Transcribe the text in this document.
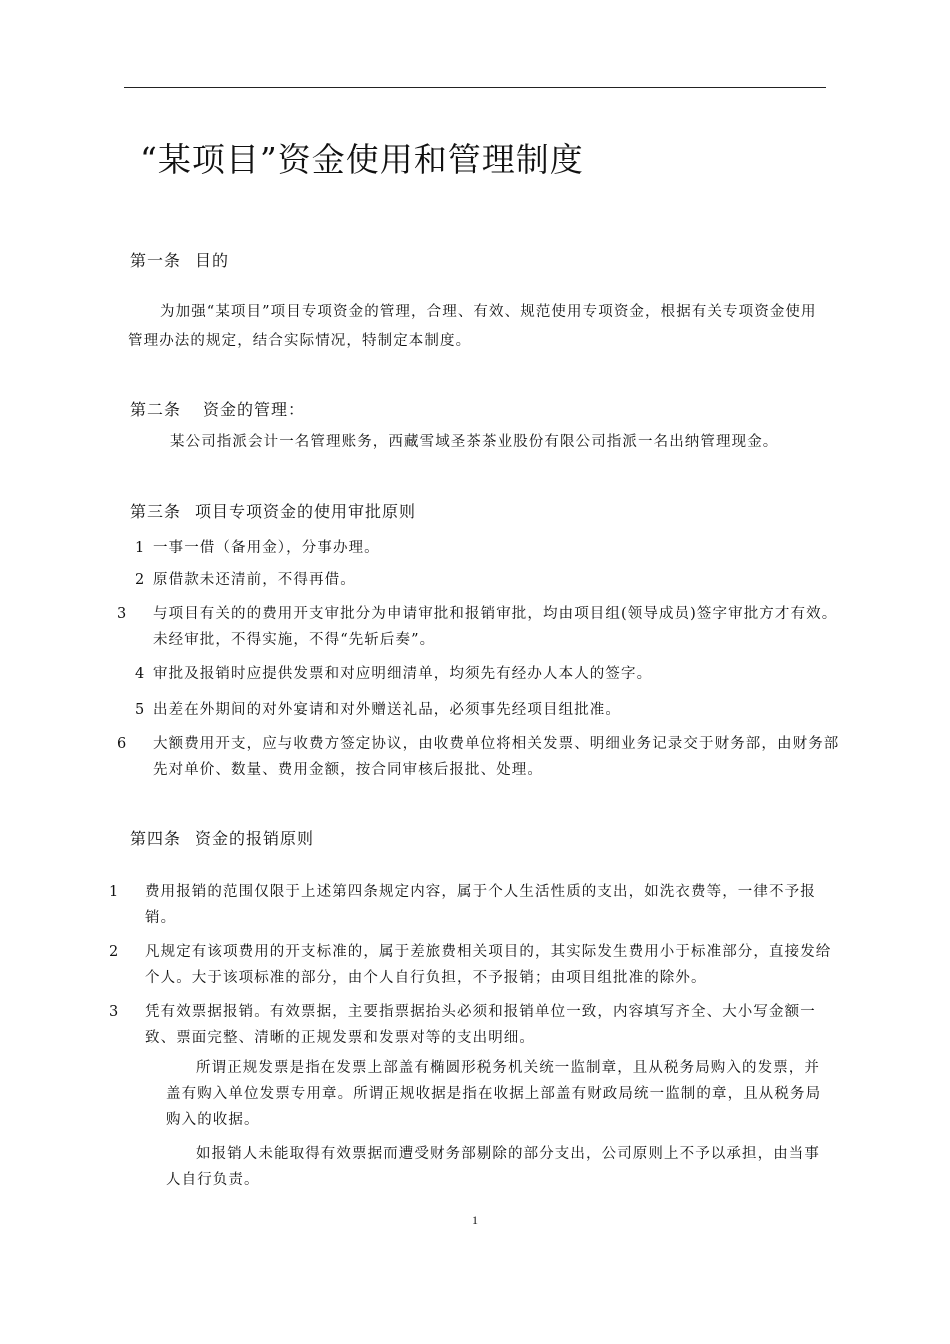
“某项目”资金使用和管理制度
第一条 目的
为加强“某项目”项目专项资金的管理，合理、有效、规范使用专项资金，根据有关专项资金使用管理办法的规定，结合实际情况，特制定本制度。
第二条 资金的管理：
某公司指派会计一名管理账务，西藏雪域圣茶茶业股份有限公司指派一名出纳管理现金。
第三条 项目专项资金的使用审批原则
1 一事一借（备用金），分事办理。
2 原借款未还清前，不得再借。
3 与项目有关的的费用开支审批分为申请审批和报销审批，均由项目组(领导成员)签字审批方才有效。未经审批，不得实施，不得“先斩后奏”。
4 审批及报销时应提供发票和对应明细清单，均须先有经办人本人的签字。
5 出差在外期间的对外宴请和对外赠送礼品，必须事先经项目组批准。
6 大额费用开支，应与收费方签定协议，由收费单位将相关发票、明细业务记录交于财务部，由财务部先对单价、数量、费用金额，按合同审核后报批、处理。
第四条 资金的报销原则
1 费用报销的范围仅限于上述第四条规定内容，属于个人生活性质的支出，如洗衣费等，一律不予报销。
2 凡规定有该项费用的开支标准的，属于差旅费相关项目的，其实际发生费用小于标准部分，直接发给个人。大于该项标准的部分，由个人自行负担，不予报销；由项目组批准的除外。
3 凭有效票据报销。有效票据，主要指票据抬头必须和报销单位一致，内容填写齐全、大小写金额一致、票面完整、清晰的正规发票和发票对等的支出明细。
所谓正规发票是指在发票上部盖有椭圆形税务机关统一监制章，且从税务局购入的发票，并盖有购入单位发票专用章。所谓正规收据是指在收据上部盖有财政局统一监制的章，且从税务局购入的收据。
如报销人未能取得有效票据而遭受财务部剔除的部分支出，公司原则上不予以承担，由当事人自行负责。
1
